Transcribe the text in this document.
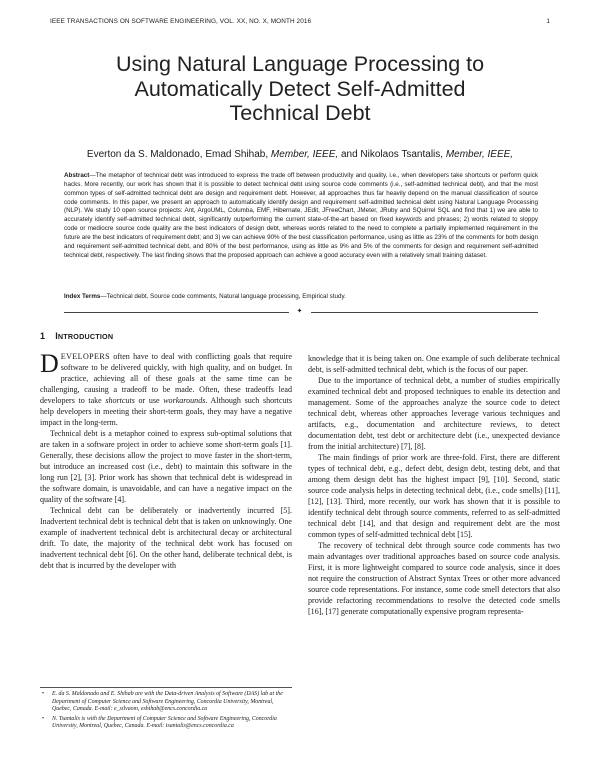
IEEE TRANSACTIONS ON SOFTWARE ENGINEERING, VOL. XX, NO. X, MONTH 2016	1
Using Natural Language Processing to
Automatically Detect Self-Admitted
Technical Debt
Everton da S. Maldonado, Emad Shihab, Member, IEEE, and Nikolaos Tsantalis, Member, IEEE,
Abstract—The metaphor of technical debt was introduced to express the trade off between productivity and quality, i.e., when developers take shortcuts or perform quick hacks. More recently, our work has shown that it is possible to detect technical debt using source code comments (i.e., self-admitted technical debt), and that the most common types of self-admitted technical debt are design and requirement debt. However, all approaches thus far heavily depend on the manual classification of source code comments. In this paper, we present an approach to automatically identify design and requirement self-admitted technical debt using Natural Language Processing (NLP). We study 10 open source projects: Ant, ArgoUML, Columba, EMF, Hibernate, JEdit, JFreeChart, JMeter, JRuby and SQuirrel SQL and find that 1) we are able to accurately identify self-admitted technical debt, significantly outperforming the current state-of-the-art based on fixed keywords and phrases; 2) words related to sloppy code or mediocre source code quality are the best indicators of design debt, whereas words related to the need to complete a partially implemented requirement in the future are the best indicators of requirement debt; and 3) we can achieve 90% of the best classification performance, using as little as 23% of the comments for both design and requirement self-admitted technical debt, and 80% of the best performance, using as little as 9% and 5% of the comments for design and requirement self-admitted technical debt, respectively. The last finding shows that the proposed approach can achieve a good accuracy even with a relatively small training dataset.
Index Terms—Technical debt, Source code comments, Natural language processing, Empirical study.
✦
1 INTRODUCTION

DEVELOPERS often have to deal with conflicting goals that require software to be delivered quickly, with high quality, and on budget. In practice, achieving all of these goals at the same time can be challenging, causing a tradeoff to be made. Often, these tradeoffs lead developers to take shortcuts or use workarounds. Although such shortcuts help developers in meeting their short-term goals, they may have a negative impact in the long-term.

Technical debt is a metaphor coined to express sub-optimal solutions that are taken in a software project in order to achieve some short-term goals [1]. Generally, these decisions allow the project to move faster in the short-term, but introduce an increased cost (i.e., debt) to maintain this software in the long run [2], [3]. Prior work has shown that technical debt is widespread in the software domain, is unavoidable, and can have a negative impact on the quality of the software [4].

Technical debt can be deliberately or inadvertently incurred [5]. Inadvertent technical debt is technical debt that is taken on unknowingly. One example of inadvertent technical debt is architectural decay or architectural drift. To date, the majority of the technical debt work has focused on inadvertent technical debt [6]. On the other hand, deliberate technical debt, is debt that is incurred by the developer with

• E. da S. Maldonado and E. Shihab are with the Data-driven Analysis of Software (DAS) lab at the Department of Computer Science and Software Engineering, Concordia University, Montreal, Quebec, Canada. E-mail: e_silvaom, eshihab@encs.concordia.ca
• N. Tsantalis is with the Department of Computer Science and Software Engineering, Concordia University, Montreal, Quebec, Canada. E-mail: tsantalis@encs.concordia.ca

knowledge that it is being taken on. One example of such deliberate technical debt, is self-admitted technical debt, which is the focus of our paper.

Due to the importance of technical debt, a number of studies empirically examined technical debt and proposed techniques to enable its detection and management. Some of the approaches analyze the source code to detect technical debt, whereas other approaches leverage various techniques and artifacts, e.g., documentation and architecture reviews, to detect documentation debt, test debt or architecture debt (i.e., unexpected deviance from the initial architecture) [7], [8].

The main findings of prior work are three-fold. First, there are different types of technical debt, e.g., defect debt, design debt, testing debt, and that among them design debt has the highest impact [9], [10]. Second, static source code analysis helps in detecting technical debt, (i.e., code smells) [11], [12], [13]. Third, more recently, our work has shown that it is possible to identify technical debt through source comments, referred to as self-admitted technical debt [14], and that design and requirement debt are the most common types of self-admitted technical debt [15].

The recovery of technical debt through source code comments has two main advantages over traditional approaches based on source code analysis. First, it is more lightweight compared to source code analysis, since it does not require the construction of Abstract Syntax Trees or other more advanced source code representations. For instance, some code smell detectors that also provide refactoring recommendations to resolve the detected code smells [16], [17] generate computationally expensive program representa-
